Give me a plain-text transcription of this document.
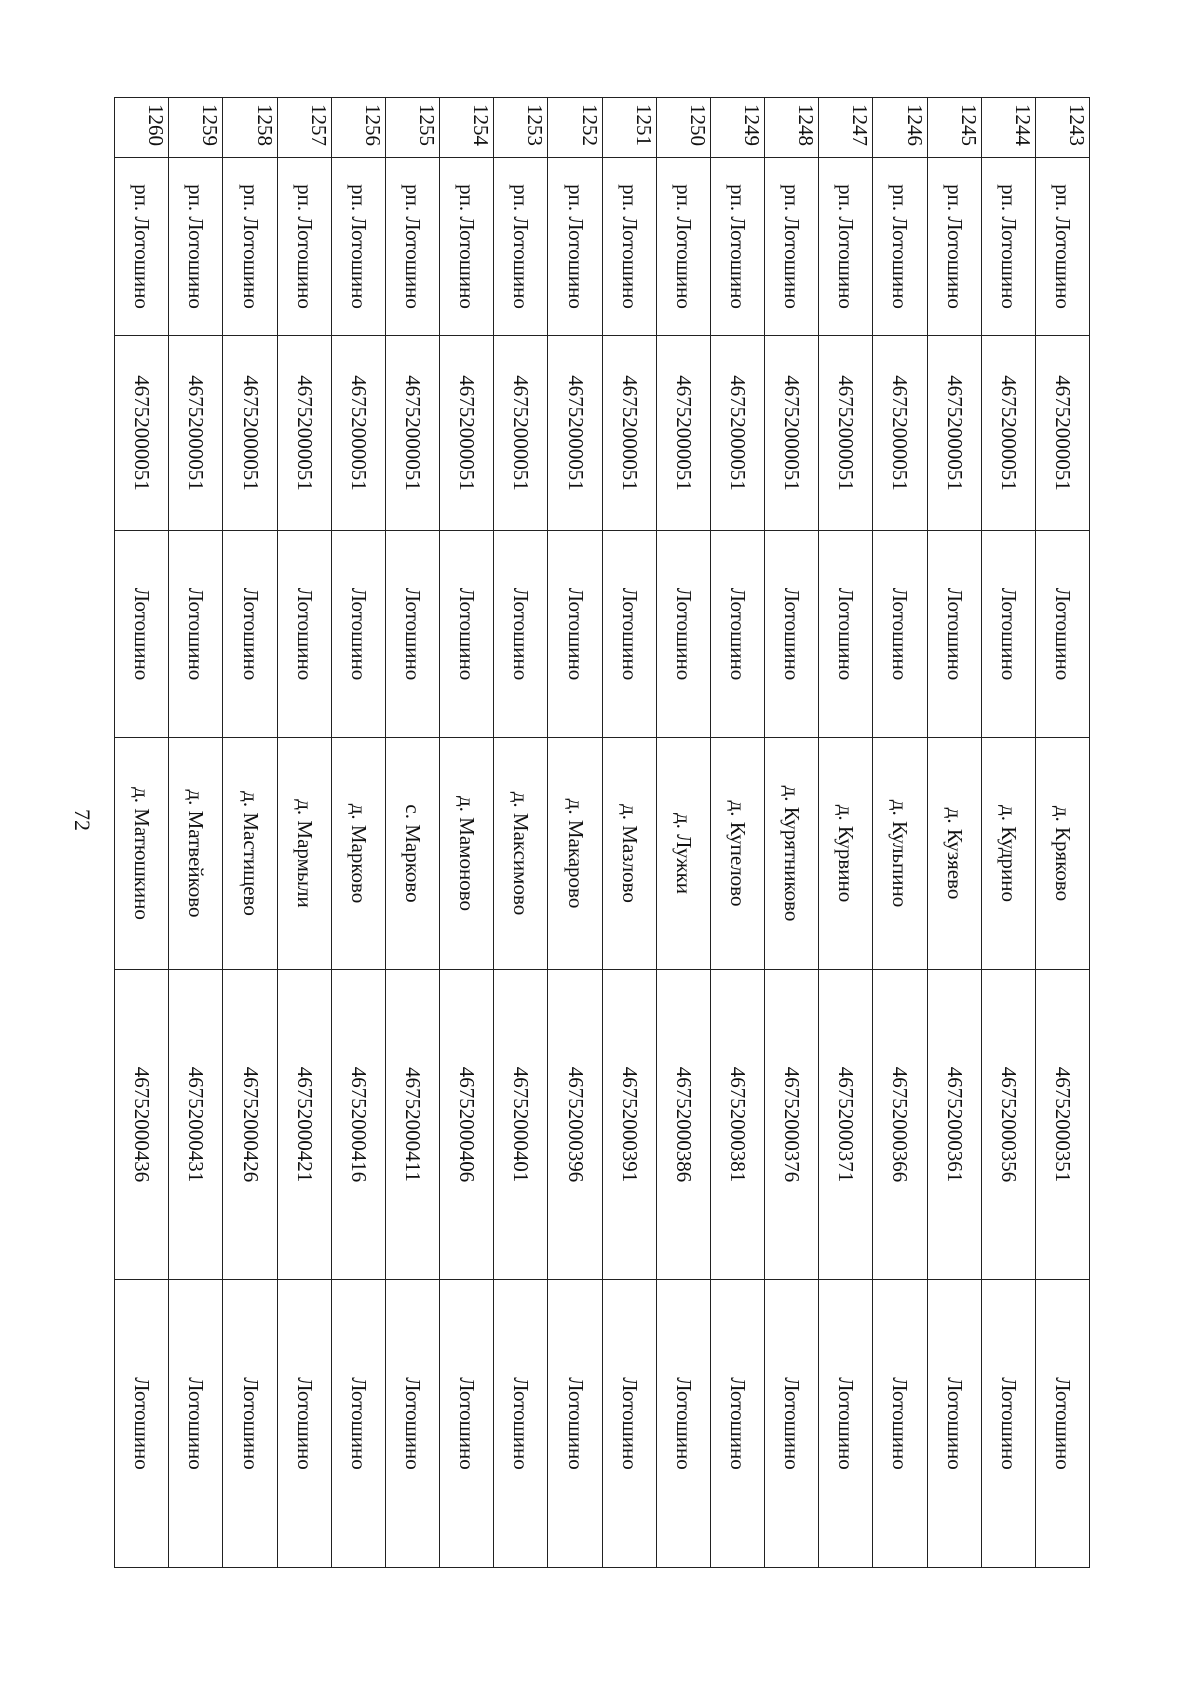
72
1243	рп. Лотошино	46752000051	Лотошино	д. Кряково	46752000351	Лотошино
1244	рп. Лотошино	46752000051	Лотошино	д. Кудрино	46752000356	Лотошино
1245	рп. Лотошино	46752000051	Лотошино	д. Кузяево	46752000361	Лотошино
1246	рп. Лотошино	46752000051	Лотошино	д. Кульпино	46752000366	Лотошино
1247	рп. Лотошино	46752000051	Лотошино	д. Курвино	46752000371	Лотошино
1248	рп. Лотошино	46752000051	Лотошино	д. Курятниково	46752000376	Лотошино
1249	рп. Лотошино	46752000051	Лотошино	д. Купелово	46752000381	Лотошино
1250	рп. Лотошино	46752000051	Лотошино	д. Лужки	46752000386	Лотошино
1251	рп. Лотошино	46752000051	Лотошино	д. Мазлово	46752000391	Лотошино
1252	рп. Лотошино	46752000051	Лотошино	д. Макарово	46752000396	Лотошино
1253	рп. Лотошино	46752000051	Лотошино	д. Максимово	46752000401	Лотошино
1254	рп. Лотошино	46752000051	Лотошино	д. Мамоново	46752000406	Лотошино
1255	рп. Лотошино	46752000051	Лотошино	с. Марково	46752000411	Лотошино
1256	рп. Лотошино	46752000051	Лотошино	д. Марково	46752000416	Лотошино
1257	рп. Лотошино	46752000051	Лотошино	д. Мармыли	46752000421	Лотошино
1258	рп. Лотошино	46752000051	Лотошино	д. Мастищево	46752000426	Лотошино
1259	рп. Лотошино	46752000051	Лотошино	д. Матвейково	46752000431	Лотошино
1260	рп. Лотошино	46752000051	Лотошино	д. Матюшкино	46752000436	Лотошино
